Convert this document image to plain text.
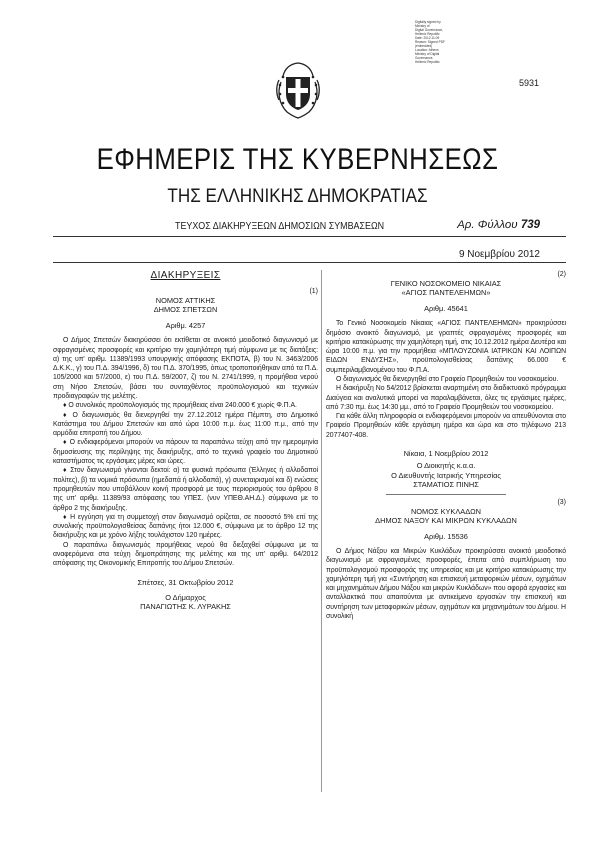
Digitally signed by
Ministry of
Digital Governance,
Hellenic Republic
Date: 2012.11.09
Reason: Signed PDF
(embedded)
Location: Athens
Ministry of Digital
Governance,
Hellenic Republic
5931
ΕΦΗΜΕΡΙΣ ΤΗΣ ΚΥΒΕΡΝΗΣΕΩΣ
ΤΗΣ ΕΛΛΗΝΙΚΗΣ ΔΗΜΟΚΡΑΤΙΑΣ
ΤΕΥΧΟΣ ΔΙΑΚΗΡΥΞΕΩΝ ΔΗΜΟΣΙΩΝ ΣΥΜΒΑΣΕΩΝ	Αρ. Φύλλου 739
9 Νοεμβρίου 2012
ΔΙΑΚΗΡΥΞΕΙΣ

(1)

ΝΟΜΟΣ ΑΤΤΙΚΗΣ

ΔΗΜΟΣ ΣΠΕΤΣΩΝ

Αριθμ. 4257

Ο Δήμος Σπετσών διακηρύσσει ότι εκτίθεται σε ανοικτό μειοδοτικό διαγωνισμό με σφραγισμένες προσφορές και κριτήριο την χαμηλότερη τιμή σύμφωνα με τις διατάξεις: α) της υπ' αριθμ. 11389/1993 υπουργικής απόφασης ΕΚΠΟΤΑ, β) του Ν. 3463/2006 Δ.Κ.Κ., γ) του Π.Δ. 394/1996, δ) του Π.Δ. 370/1995, όπως τροποποιήθηκαν από τα Π.Δ. 105/2000 και 57/2000, ε) του Π.Δ. 59/2007, ζ) του Ν. 2741/1999, η προμήθεια νερού στη Νήσο Σπετσών, βάσει του συνταχθέντος προϋπολογισμού και τεχνικών προδιαγραφών της μελέτης.

♦ Ο συνολικός προϋπολογισμός της προμήθειας είναι 240.000 € χωρίς Φ.Π.Α.

♦ Ο διαγωνισμός θα διενεργηθεί την 27.12.2012 ημέρα Πέμπτη, στο Δημοτικό Κατάστημα του Δήμου Σπετσών και από ώρα 10:00 π.μ. έως 11:00 π.μ., από την αρμόδια επιτροπή του Δήμου.

♦ Ο ενδιαφερόμενοι μπορούν να πάρουν τα παραπάνω τεύχη από την ημερομηνία δημοσίευσης της περίληψης της διακήρυξης, από το τεχνικό γραφείο του Δημοτικού καταστήματος τις εργάσιμες μέρες και ώρες.

♦ Στον διαγωνισμό γίνονται δεκτοί: α) τα φυσικά πρόσωπα (Έλληνες ή αλλοδαποί πολίτες), β) τα νομικά πρόσωπα (ημεδαπά ή αλλοδαπά), γ) συνεταιρισμοί και δ) ενώσεις προμηθευτών που υποβάλλουν κοινή προσφορά με τους περιορισμούς του άρθρου 8 της υπ' αριθμ. 11389/93 απόφασης του ΥΠΕΣ. (νυν ΥΠΕΘ.ΑΗ.Δ.) σύμφωνα με το άρθρο 2 της διακήρυξης.

♦ Η εγγύηση για τη συμμετοχή στον διαγωνισμό ορίζεται, σε ποσοστό 5% επί της συνολικής προϋπολογισθείσας δαπάνης ήτοι 12.000 €, σύμφωνα με το άρθρο 12 της διακήρυξης και με χρόνο λήξης τουλάχιστον 120 ημέρες.

Ο παραπάνω διαγωνισμός προμήθειας νερού θα διεξαχθεί σύμφωνα με τα αναφερόμενα στα τεύχη δημοπράτησης της μελέτης και της υπ' αριθμ. 64/2012 απόφασης της Οικονομικής Επιτροπής του Δήμου Σπετσών.

Σπέτσες, 31 Οκτωβρίου 2012

Ο Δήμαρχος

ΠΑΝΑΓΙΩΤΗΣ Κ. ΛΥΡΑΚΗΣ

(2)

ΓΕΝΙΚΟ ΝΟΣΟΚΟΜΕΙΟ ΝΙΚΑΙΑΣ

«ΑΓΙΟΣ ΠΑΝΤΕΛΕΗΜΩΝ»

Αριθμ. 45641

Το Γενικό Νοσοκομείο Νίκαιας «ΑΓΙΟΣ ΠΑΝΤΕΛΕΗΜΩΝ» προκηρύσσει δημόσιο ανοικτό διαγωνισμό, με γραπτές σφραγισμένες προσφορές και κριτήριο κατακύρωσης την χαμηλότερη τιμή, στις 10.12.2012 ημέρα Δευτέρα και ώρα 10:00 π.μ. για την προμήθεια «ΜΠΛΟΥΖΟΝΙΑ ΙΑΤΡΙΚΩΝ ΚΑΙ ΛΟΙΠΩΝ ΕΙΔΩΝ ΕΝΔΥΣΗΣ», προϋπολογισθείσας δαπάνης 66.000 € συμπεριλαμβανομένου του Φ.Π.Α.

Ο διαγωνισμός θα διενεργηθεί στο Γραφείο Προμηθειών του νοσοκομείου.

Η διακήρυξη Νο 54/2012 βρίσκεται αναρτημένη στο διαδικτυακό πρόγραμμα Διαύγεια και αναλυτικά μπορεί να παραλαμβάνεται, όλες τις εργάσιμες ημέρες, από 7:30 πμ. έως 14:30 μμ., από το Γραφείο Προμηθειών του νοσοκομείου.

Για κάθε άλλη πληροφορία οι ενδιαφερόμενοι μπορούν να απευθύνονται στο Γραφείο Προμηθειών κάθε εργάσιμη ημέρα και ώρα και στο τηλέφωνο 213 2077407-408.

Νίκαια, 1 Νοεμβρίου 2012

Ο Διοικητής κ.α.α.

Ο Διευθυντής Ιατρικής Υπηρεσίας

ΣΤΑΜΑΤΙΟΣ ΠΙΝΗΣ

(3)

ΝΟΜΟΣ ΚΥΚΛΑΔΩΝ

ΔΗΜΟΣ ΝΑΞΟΥ ΚΑΙ ΜΙΚΡΩΝ ΚΥΚΛΑΔΩΝ

Αριθμ. 15536

Ο Δήμος Νάξου και Μικρών Κυκλάδων προκηρύσσει ανοικτό μειοδοτικό διαγωνισμό με σφραγισμένες προσφορές, έπειτα από συμπλήρωση του προϋπολογισμού προσφοράς της υπηρεσίας και με κριτήριο κατακύρωσης την χαμηλότερη τιμή για «Συντήρηση και επισκευή μεταφορικών μέσων, οχημάτων και μηχανημάτων Δήμου Νάξου και μικρών Κυκλάδων» που αφορά εργασίες και ανταλλακτικά που απαιτούνται με αντικείμενο εργασιών την επισκευή και συντήρηση των μεταφορικών μέσων, οχημάτων και μηχανημάτων του Δήμου. Η συνολική
